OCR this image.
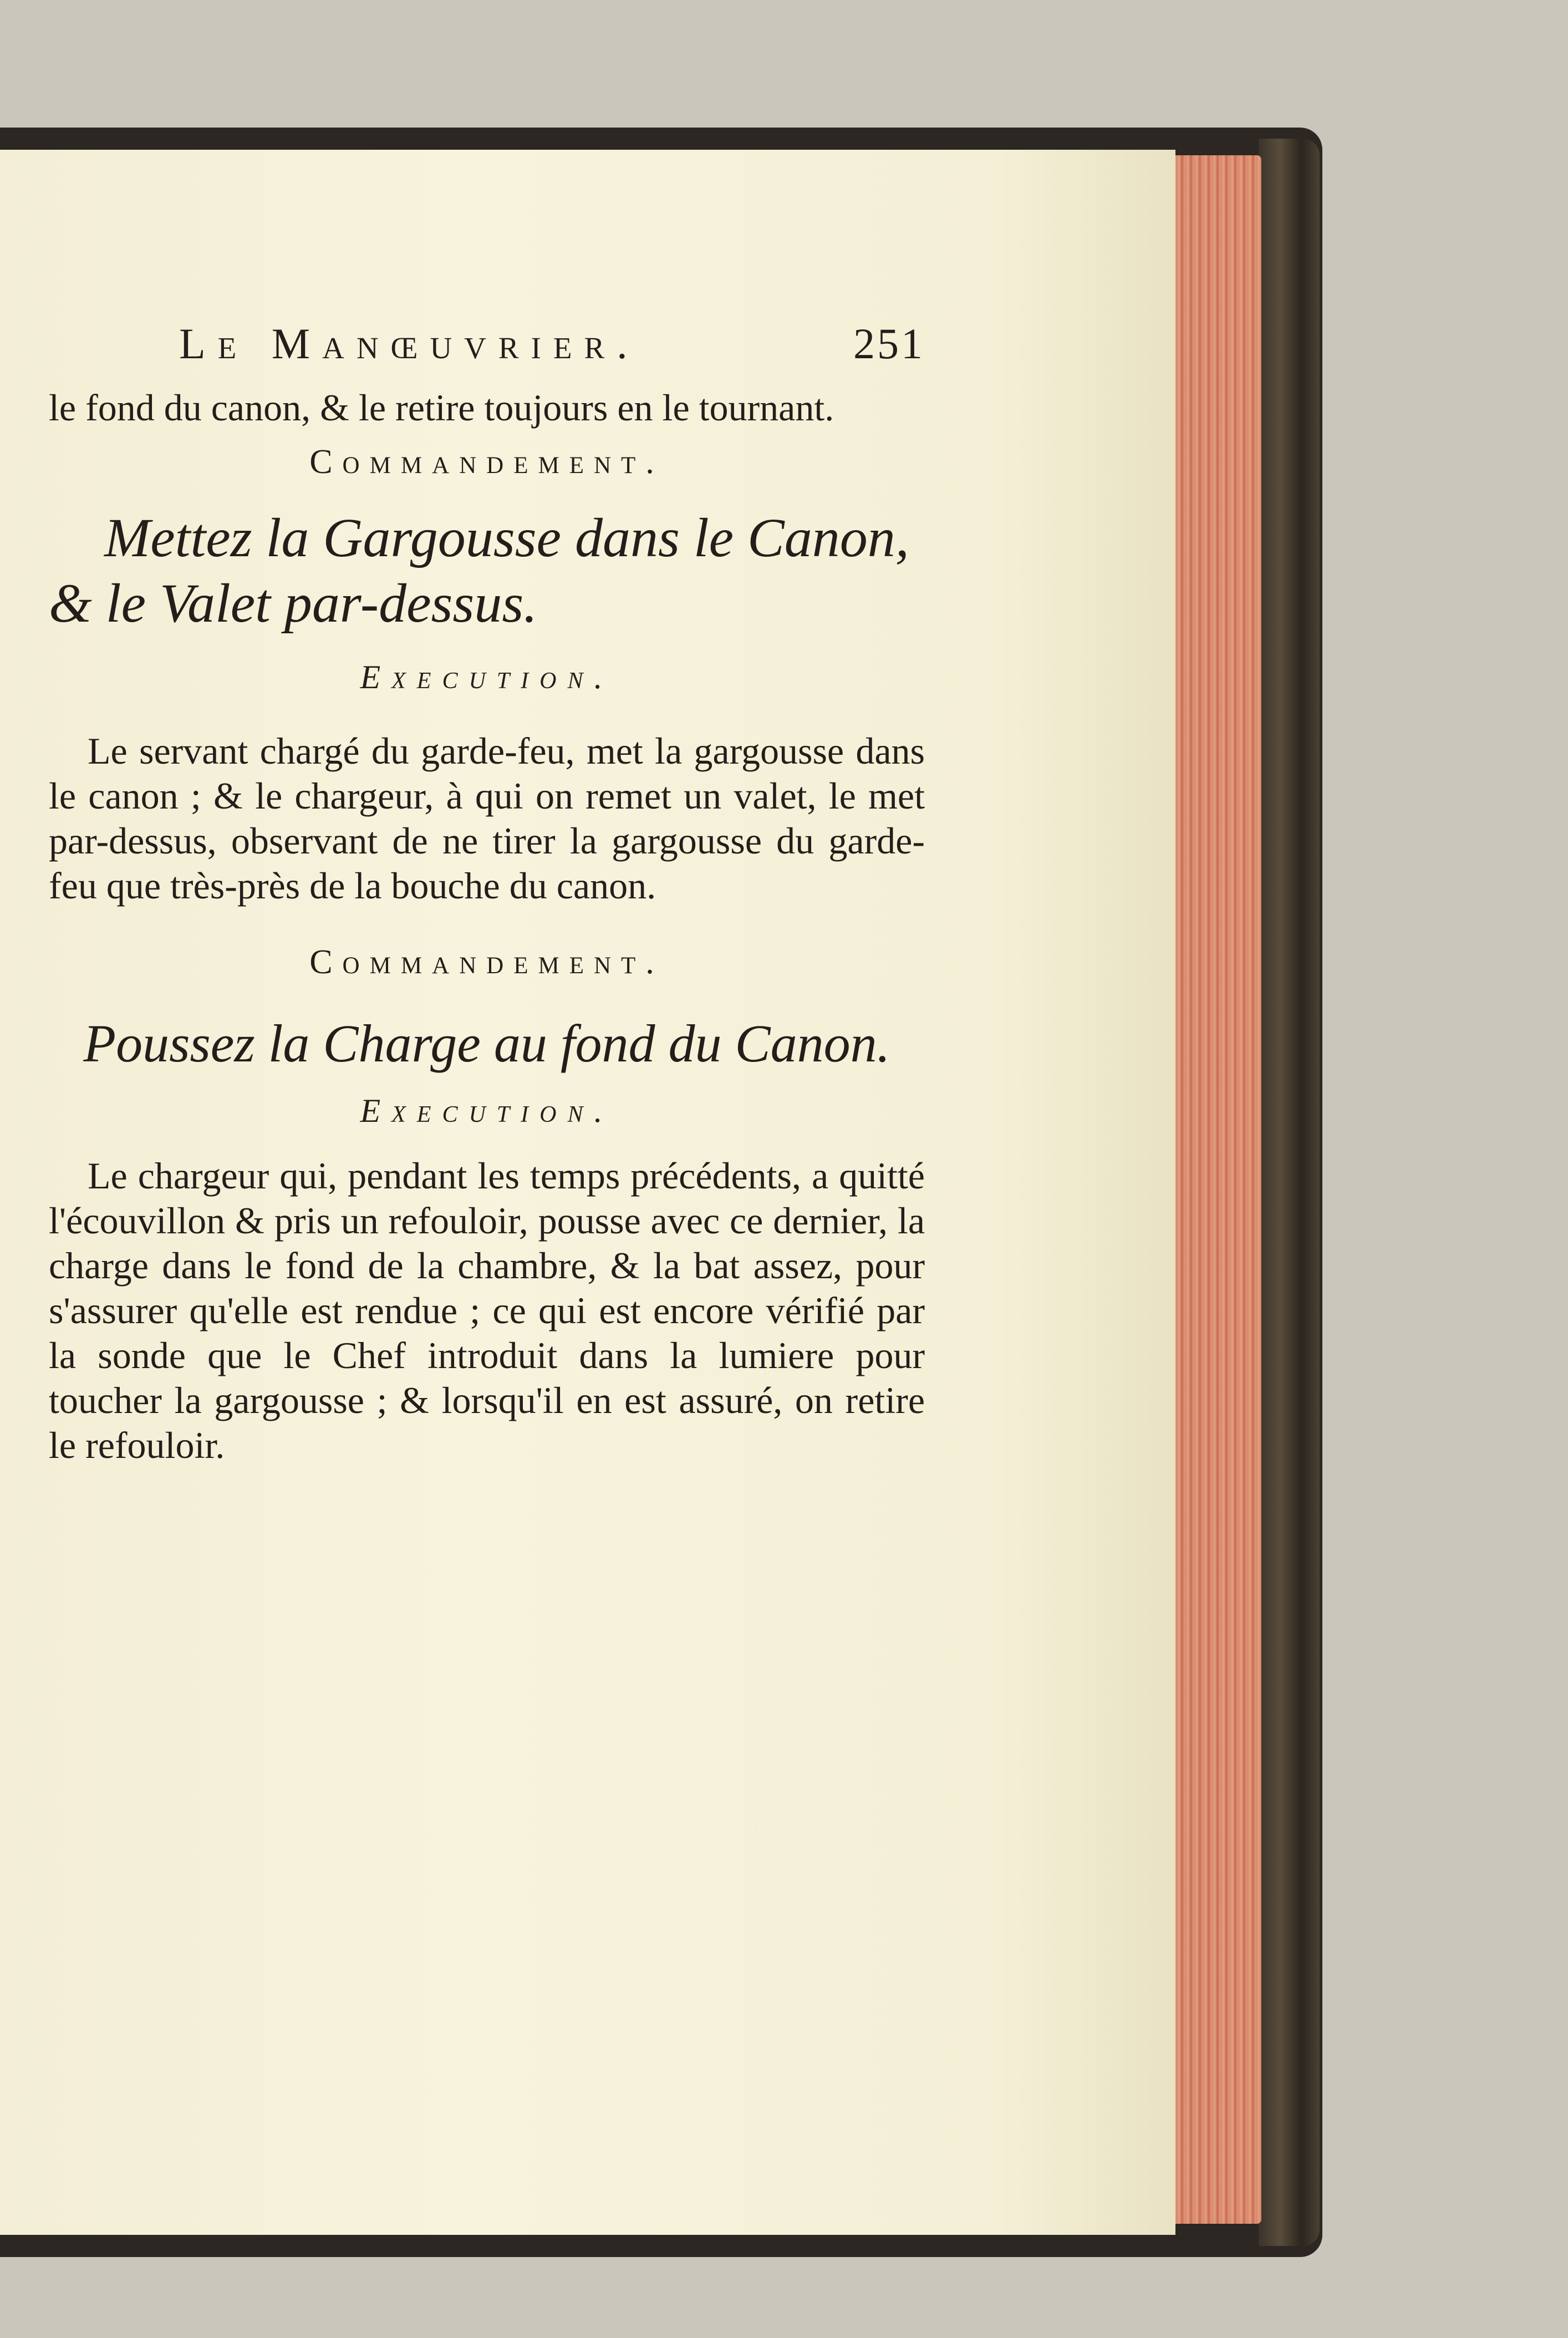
Le Manœuvrier.	251

le fond du canon, & le retire toujours en le tournant.

Commandement.

Mettez la Gargousse dans le Canon, & le Valet par-dessus.

Execution.

Le servant chargé du garde-feu, met la gargousse dans le canon ; & le chargeur, à qui on remet un valet, le met par-dessus, observant de ne tirer la gargousse du garde-feu que très-près de la bouche du canon.

Commandement.

Poussez la Charge au fond du Canon.

Execution.

Le chargeur qui, pendant les temps précédents, a quitté l'écouvillon & pris un refouloir, pousse avec ce dernier, la charge dans le fond de la chambre, & la bat assez, pour s'assurer qu'elle est rendue ; ce qui est encore vérifié par la sonde que le Chef introduit dans la lumiere pour toucher la gargousse ; & lorsqu'il en est assuré, on retire le refouloir.
